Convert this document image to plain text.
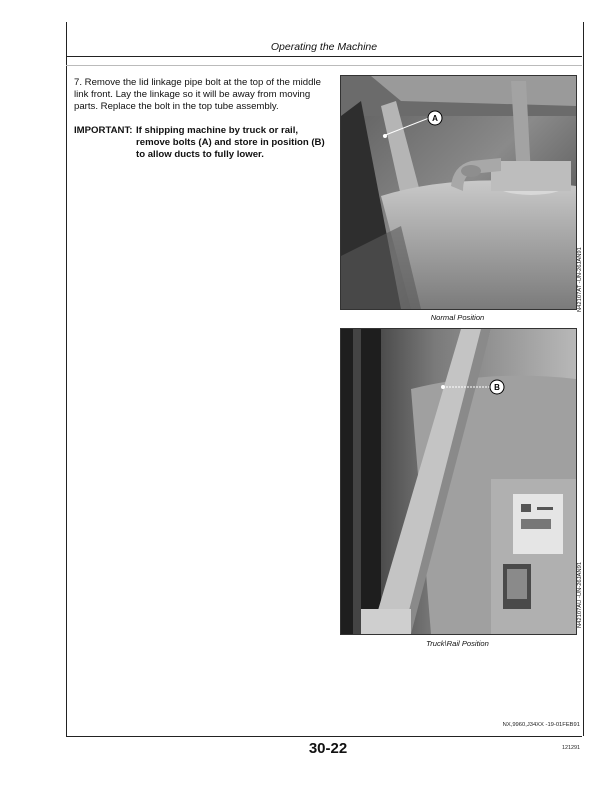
Operating the Machine
7. Remove the lid linkage pipe bolt at the top of the middle link front. Lay the linkage so it will be away from moving parts. Replace the bolt in the top tube assembly.
IMPORTANT: If shipping machine by truck or rail, remove bolts (A) and store in position (B) to allow ducts to fully lower.
A
Normal Position
N42107AT -UN-26JAN91
B
Truck\Rail Position
N42107AU -UN-26JAN91
NX,9960,J34XX -19-01FEB91
30-22	121291
